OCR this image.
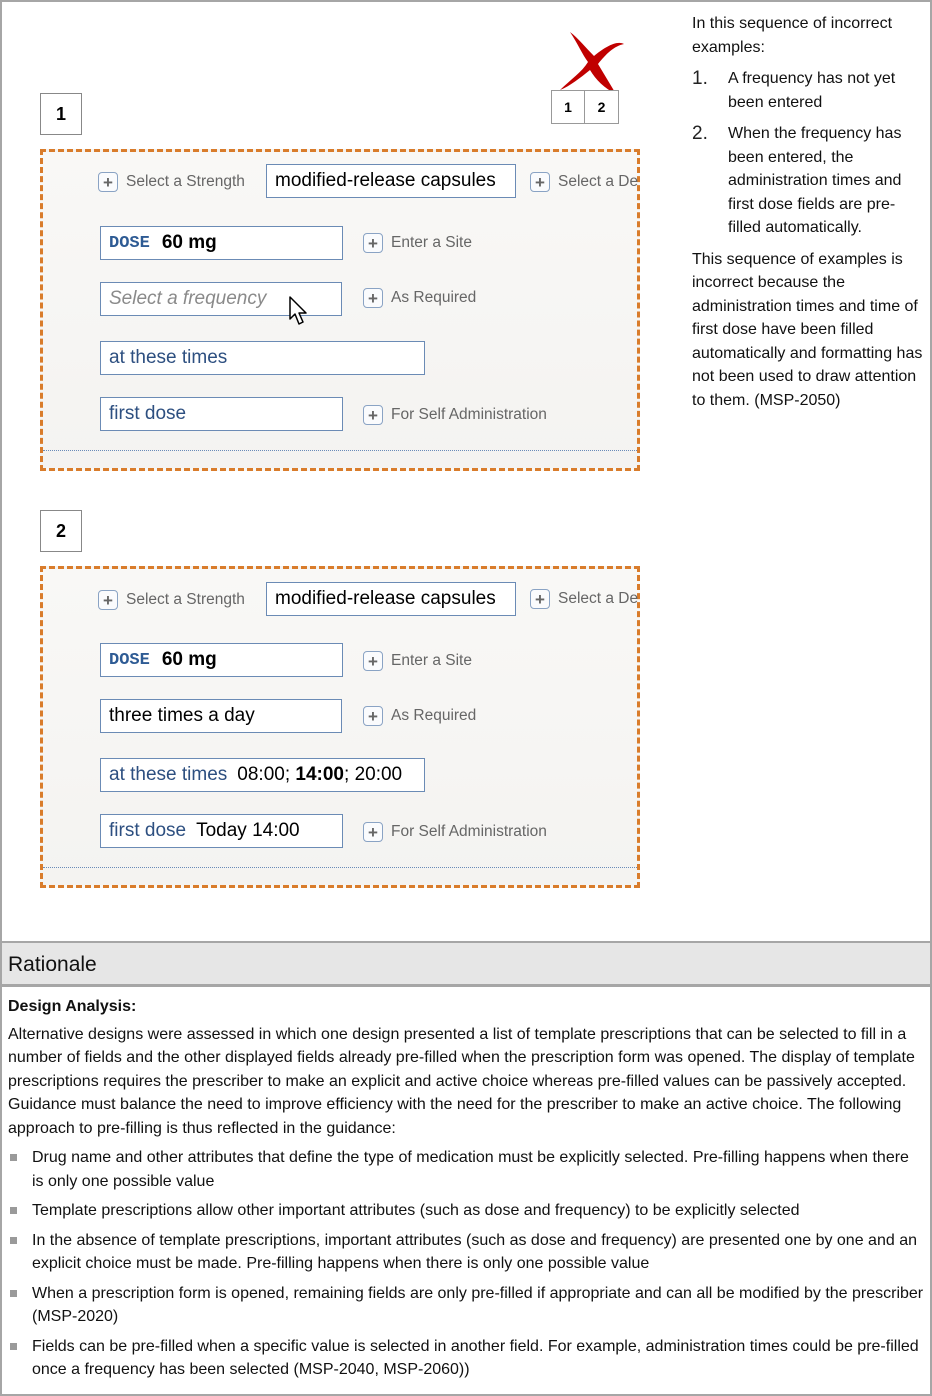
1	2
1
+ Select a Strength modified-release capsules + Select a De
DOSE 60 mg	+ Enter a Site
Select a frequency	+ As Required
at these times
first dose	+ For Self Administration
2
+ Select a Strength modified-release capsules + Select a De
DOSE 60 mg	+ Enter a Site
three times a day	+ As Required
at these times 08:00; 14:00; 20:00
first dose Today 14:00	+ For Self Administration

In this sequence of incorrect examples:

1.	A frequency has not yet been entered
2.	When the frequency has been entered, the administration times and first dose fields are pre-filled automatically.

This sequence of examples is incorrect because the administration times and time of first dose have been filled automatically and formatting has not been used to draw attention to them. (MSP-2050)

Rationale
Design Analysis:

Alternative designs were assessed in which one design presented a list of template prescriptions that can be selected to fill in a number of fields and the other displayed fields already pre-filled when the prescription form was opened. The display of template prescriptions requires the prescriber to make an explicit and active choice whereas pre-filled values can be passively accepted. Guidance must balance the need to improve efficiency with the need for the prescriber to make an active choice. The following approach to pre-filling is thus reflected in the guidance:

Drug name and other attributes that define the type of medication must be explicitly selected. Pre-filling happens when there is only one possible value
Template prescriptions allow other important attributes (such as dose and frequency) to be explicitly selected
In the absence of template prescriptions, important attributes (such as dose and frequency) are presented one by one and an explicit choice must be made. Pre-filling happens when there is only one possible value
When a prescription form is opened, remaining fields are only pre-filled if appropriate and can all be modified by the prescriber (MSP-2020)
Fields can be pre-filled when a specific value is selected in another field. For example, administration times could be pre-filled once a frequency has been selected (MSP-2040, MSP-2060))
